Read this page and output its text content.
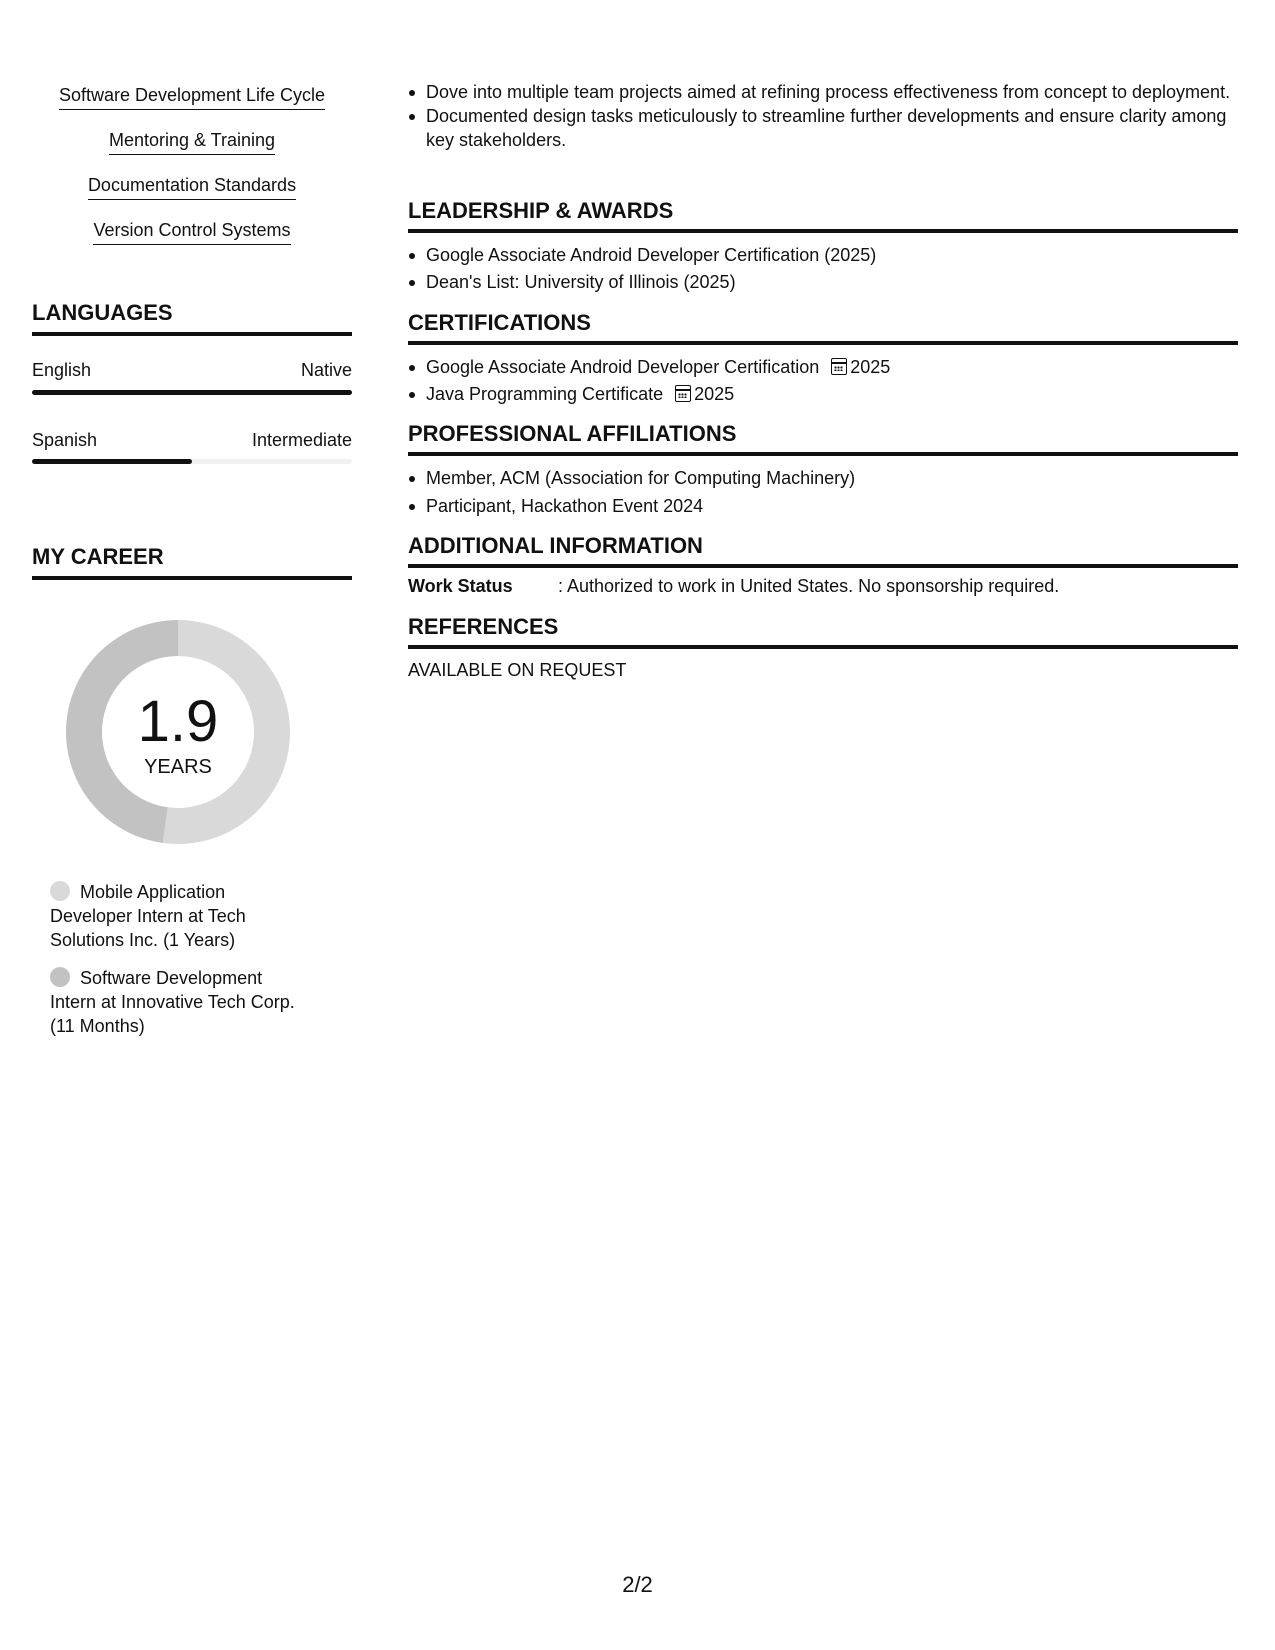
Software Development Life Cycle
Mentoring & Training
Documentation Standards
Version Control Systems
LANGUAGES
English	Native
Spanish	Intermediate
MY CAREER
1.9
YEARS
Mobile Application Developer Intern at Tech Solutions Inc. (1 Years)
Software Development Intern at Innovative Tech Corp. (11 Months)
Dove into multiple team projects aimed at refining process effectiveness from concept to deployment.
Documented design tasks meticulously to streamline further developments and ensure clarity among key stakeholders.
LEADERSHIP & AWARDS
Google Associate Android Developer Certification (2025)
Dean's List: University of Illinois (2025)
CERTIFICATIONS
Google Associate Android Developer Certification 2025
Java Programming Certificate 2025
PROFESSIONAL AFFILIATIONS
Member, ACM (Association for Computing Machinery)
Participant, Hackathon Event 2024
ADDITIONAL INFORMATION
Work Status	: Authorized to work in United States. No sponsorship required.
REFERENCES
AVAILABLE ON REQUEST
2/2
